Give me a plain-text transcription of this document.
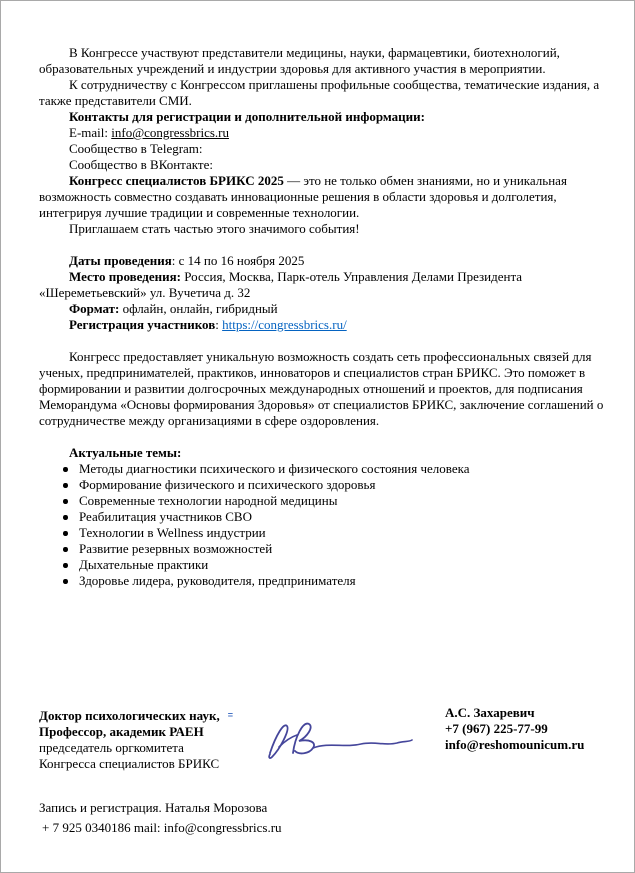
В Конгрессе участвуют представители медицины, науки, фармацевтики, биотехнологий, образовательных учреждений и индустрии здоровья для активного участия в мероприятии.
К сотрудничеству с Конгрессом приглашены профильные сообщества, тематические издания, а также представители СМИ.
Контакты для регистрации и дополнительной информации:
E-mail: info@congressbrics.ru
Сообщество в Telegram:
Сообщество в ВКонтакте:
Конгресс специалистов БРИКС 2025 — это не только обмен знаниями, но и уникальная возможность совместно создавать инновационные решения в области здоровья и долголетия, интегрируя лучшие традиции и современные технологии.
Приглашаем стать частью этого значимого события!
Даты проведения: с 14 по 16 ноября 2025
Место проведения: Россия, Москва, Парк-отель Управления Делами Президента «Шереметьевский» ул. Вучетича д. 32
Формат: офлайн, онлайн, гибридный
Регистрация участников: https://congressbrics.ru/
Конгресс предоставляет уникальную возможность создать сеть профессиональных связей для ученых, предпринимателей, практиков, инноваторов и специалистов стран БРИКС. Это поможет в формировании и развитии долгосрочных международных отношений и проектов, для подписания Меморандума «Основы формирования Здоровья» от специалистов БРИКС, заключение соглашений о сотрудничестве между организациями в сфере оздоровления.
Актуальные темы:
Методы диагностики психического и физического состояния человека
Формирование физического и психического здоровья
Современные технологии народной медицины
Реабилитация участников СВО
Технологии в Wellness индустрии
Развитие резервных возможностей
Дыхательные практики
Здоровье лидера, руководителя, предпринимателя
Доктор психологических наук, =
Профессор, академик РАЕН
председатель оргкомитета
Конгресса специалистов БРИКС
А.С. Захаревич
+7 (967) 225-77-99
info@reshomounicum.ru
Запись и регистрация. Наталья Морозова
+ 7 925 0340186 mail: info@congressbrics.ru
